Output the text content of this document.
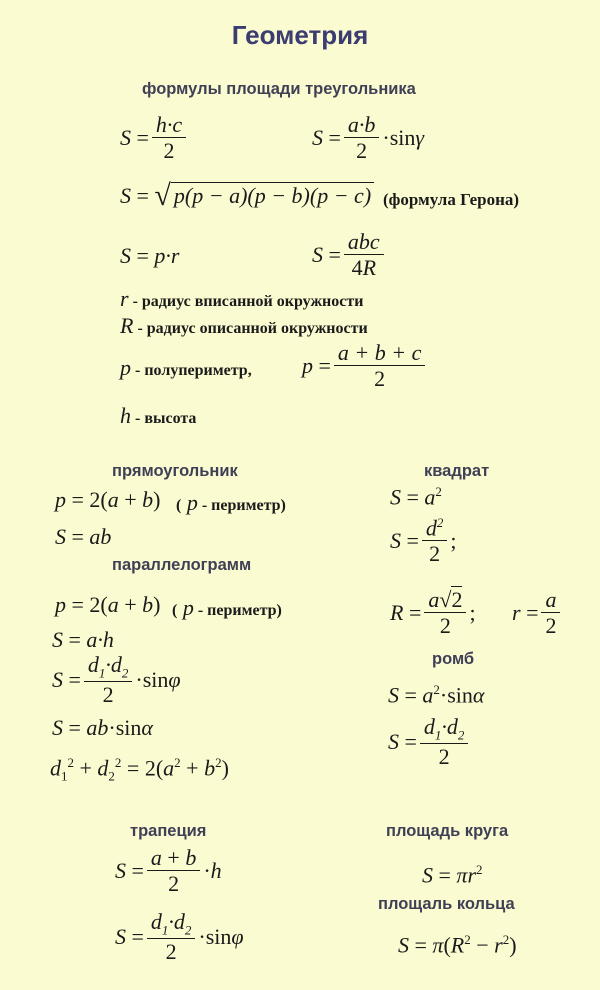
Геометрия
формулы площади треугольника
$S = \frac{h\cdot c}{2}$	$S = \frac{a\cdot b}{2} \cdot\sin$ γ
S = √ p(p − a)(p − b)(p − c) (формула Герона)
S = p·r	$S = \frac{\text{abc}}{4R}$
r - радиус вписанной окружности
R - радиус описанной окружности
p - полупериметр, $p = \frac{a + b + c}{2}$
h - высота
прямоугольник
p = 2(a + b) ( p - периметр)
S = ab
параллелограмм
p = 2(a + b) ( p - периметр)
S = a·h
$S = \frac{d_1\cdot d_2}{2} \cdot\sin$ φ
S = ab·sinα
$d_1^2 + d_2^2 = 2(a^2 + b^2)$
квадрат
$S = a^2$
$S = \frac{d^2}{2}$ ;
$R = \frac{a√2}{2}$ ; $r = \frac{a}{2}$
ромб
$S = a^2\cdot\sin\alpha$
$S = \frac{d_1\cdot d_2}{2}$
трапеция
$S = \frac{a + b}{2} \cdot h$
$S = \frac{d_1\cdot d_2}{2} \cdot\sin$ φ
площадь круга
$S = \pi r^2$
площаль кольца
$S = \pi(R^2 - r^2)$
